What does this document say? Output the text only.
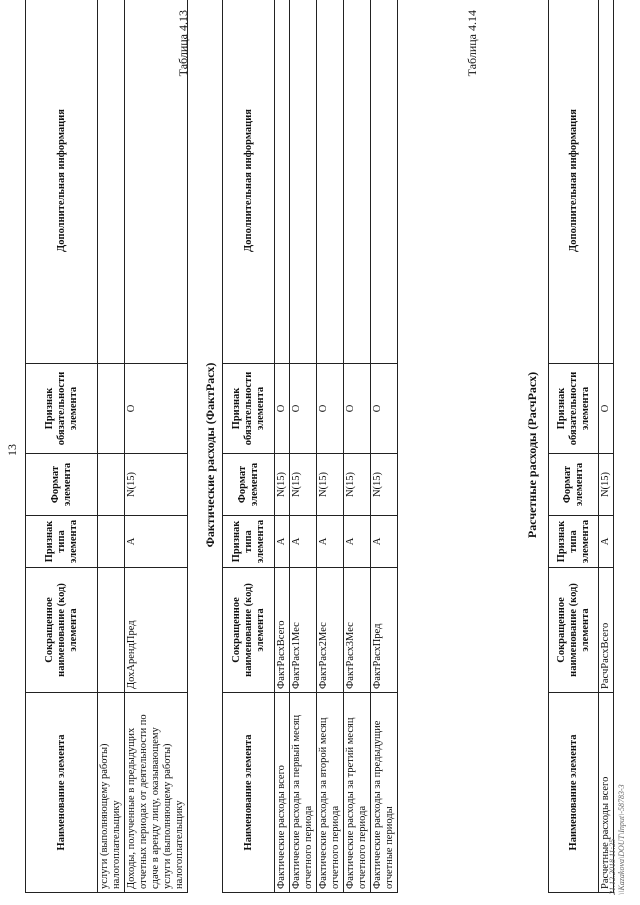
13
Наименование элемента	Сокращенное наименование (код) элемента	Признак типа элемента	Формат элемента	Признак обязательности элемента	Дополнительная информация
услуги (выполняющему работы) налогоплательщику					
Доходы, полученные в предыдущих отчетных периодах от деятельности по сдаче в аренду лицу, оказывающему услуги (выполняющему работы) налогоплательщику	ДохАрендПред	А	N(15)	О	
Таблица 4.13
Фактические расходы (ФактРасх)
Наименование элемента	Сокращенное наименование (код) элемента	Признак типа элемента	Формат элемента	Признак обязательности элемента	Дополнительная информация
Фактические расходы всего	ФактРасхВсего	А	N(15)	О	
Фактические расходы за первый месяц отчетного периода	ФактРасх1Мес	А	N(15)	О	
Фактические расходы за второй месяц отчетного периода	ФактРасх2Мес	А	N(15)	О	
Фактические расходы за третий месяц отчетного периода	ФактРасх3Мес	А	N(15)	О	
Фактические расходы за предыдущие отчетные периоды	ФактРасхПред	А	N(15)	О	
Таблица 4.14
Расчетные расходы (РасчРасх)
Наименование элемента	Сокращенное наименование (код) элемента	Признак типа элемента	Формат элемента	Признак обязательности элемента	Дополнительная информация
Расчетные расходы всего	РасчРасхВсего	А	N(15)	О	
21.12.2018 11:25 \\Kazakova\DOUT\Input\-58783-3
